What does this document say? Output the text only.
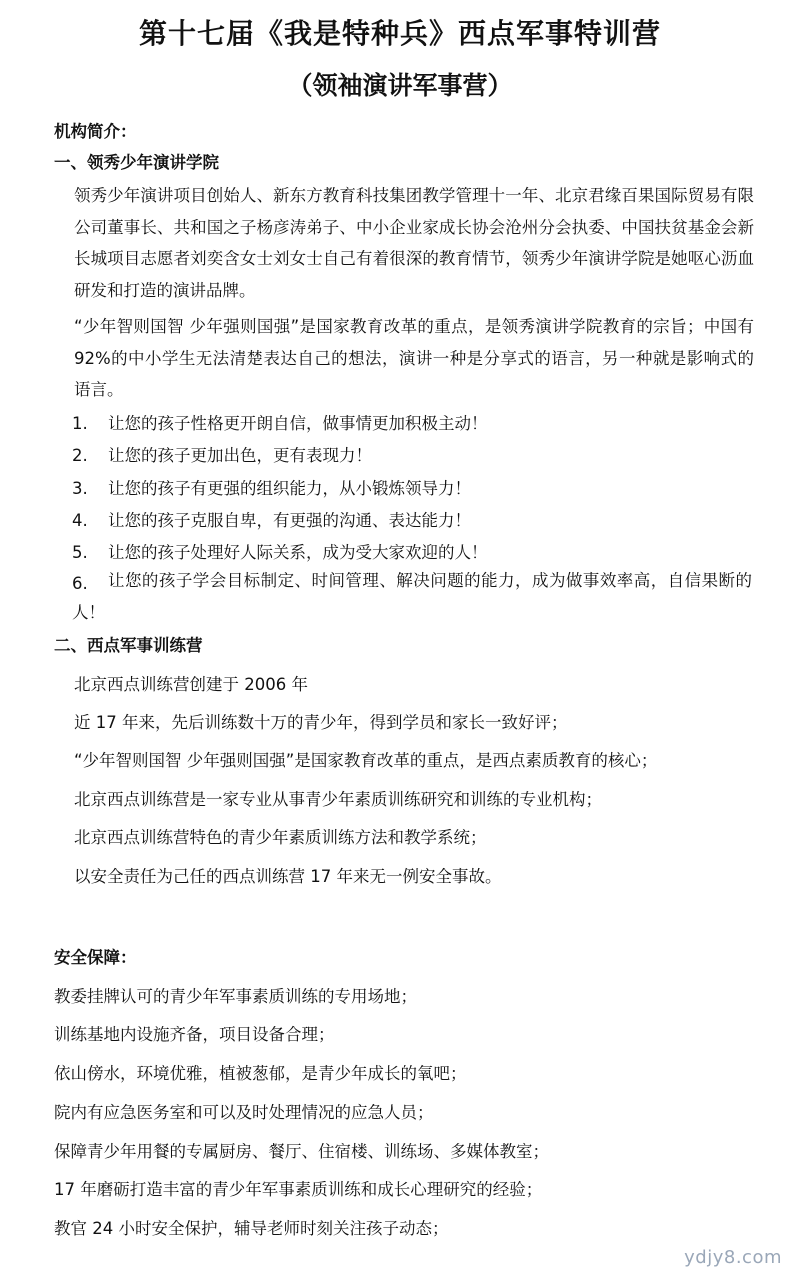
第十七届《我是特种兵》西点军事特训营
（领袖演讲军事营）
机构简介：
一、领秀少年演讲学院
领秀少年演讲项目创始人、新东方教育科技集团教学管理十一年、北京君缘百果国际贸易有限公司董事长、共和国之子杨彦涛弟子、中小企业家成长协会沧州分会执委、中国扶贫基金会新长城项目志愿者刘奕含女士刘女士自己有着很深的教育情节，领秀少年演讲学院是她呕心沥血研发和打造的演讲品牌。
“少年智则国智 少年强则国强”是国家教育改革的重点，是领秀演讲学院教育的宗旨；中国有 92%的中小学生无法清楚表达自己的想法，演讲一种是分享式的语言，另一种就是影响式的语言。
1. 让您的孩子性格更开朗自信，做事情更加积极主动！
2. 让您的孩子更加出色，更有表现力！
3. 让您的孩子有更强的组织能力，从小锻炼领导力！
4. 让您的孩子克服自卑，有更强的沟通、表达能力！
5. 让您的孩子处理好人际关系，成为受大家欢迎的人！
6.	让您的孩子学会目标制定、时间管理、解决问题的能力，成为做事效率高，自信果断的人！
二、西点军事训练营
北京西点训练营创建于 2006 年
近 17 年来，先后训练数十万的青少年，得到学员和家长一致好评；
“少年智则国智 少年强则国强”是国家教育改革的重点，是西点素质教育的核心；
北京西点训练营是一家专业从事青少年素质训练研究和训练的专业机构；
北京西点训练营特色的青少年素质训练方法和教学系统；
以安全责任为己任的西点训练营 17 年来无一例安全事故。
安全保障：
教委挂牌认可的青少年军事素质训练的专用场地；
训练基地内设施齐备，项目设备合理；
依山傍水，环境优雅，植被葱郁，是青少年成长的氧吧；
院内有应急医务室和可以及时处理情况的应急人员；
保障青少年用餐的专属厨房、餐厅、住宿楼、训练场、多媒体教室；
17 年磨砺打造丰富的青少年军事素质训练和成长心理研究的经验；
教官 24 小时安全保护，辅导老师时刻关注孩子动态；
ydjy8.com
